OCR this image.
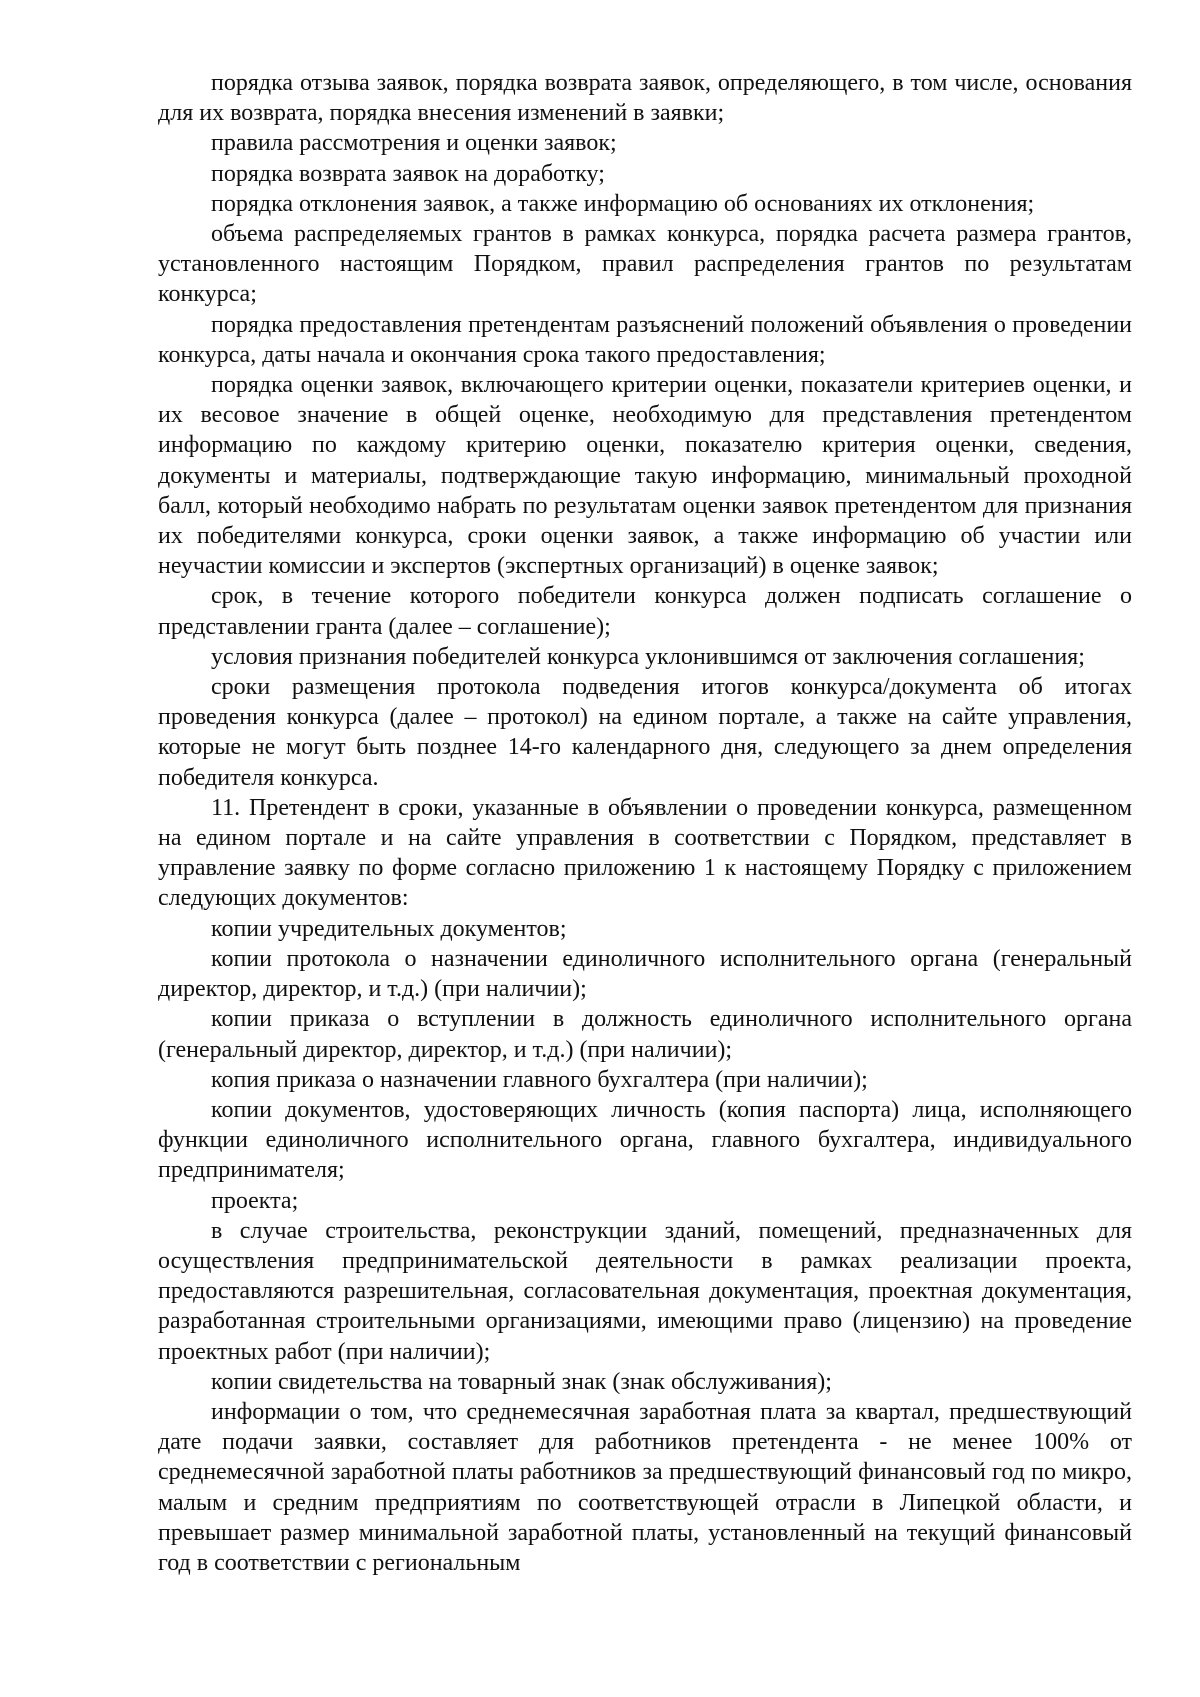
порядка отзыва заявок, порядка возврата заявок, определяющего, в том числе, основания для их возврата, порядка внесения изменений в заявки;

правила рассмотрения и оценки заявок;

порядка возврата заявок на доработку;

порядка отклонения заявок, а также информацию об основаниях их отклонения;

объема распределяемых грантов в рамках конкурса, порядка расчета размера грантов, установленного настоящим Порядком, правил распределения грантов по результатам конкурса;

порядка предоставления претендентам разъяснений положений объявления о проведении конкурса, даты начала и окончания срока такого предоставления;

порядка оценки заявок, включающего критерии оценки, показатели критериев оценки, и их весовое значение в общей оценке, необходимую для представления претендентом информацию по каждому критерию оценки, показателю критерия оценки, сведения, документы и материалы, подтверждающие такую информацию, минимальный проходной балл, который необходимо набрать по результатам оценки заявок претендентом для признания их победителями конкурса, сроки оценки заявок, а также информацию об участии или неучастии комиссии и экспертов (экспертных организаций) в оценке заявок;

срок, в течение которого победители конкурса должен подписать соглашение о представлении гранта (далее – соглашение);

условия признания победителей конкурса уклонившимся от заключения соглашения;

сроки размещения протокола подведения итогов конкурса/документа об итогах проведения конкурса (далее – протокол) на едином портале, а также на сайте управления, которые не могут быть позднее 14-го календарного дня, следующего за днем определения победителя конкурса.

11. Претендент в сроки, указанные в объявлении о проведении конкурса, размещенном на едином портале и на сайте управления в соответствии с Порядком, представляет в управление заявку по форме согласно приложению 1 к настоящему Порядку с приложением следующих документов:

копии учредительных документов;

копии протокола о назначении единоличного исполнительного органа (генеральный директор, директор, и т.д.) (при наличии);

копии приказа о вступлении в должность единоличного исполнительного органа (генеральный директор, директор, и т.д.) (при наличии);

копия приказа о назначении главного бухгалтера (при наличии);

копии документов, удостоверяющих личность (копия паспорта) лица, исполняющего функции единоличного исполнительного органа, главного бухгалтера, индивидуального предпринимателя;

проекта;

в случае строительства, реконструкции зданий, помещений, предназначенных для осуществления предпринимательской деятельности в рамках реализации проекта, предоставляются разрешительная, согласовательная документация, проектная документация, разработанная строительными организациями, имеющими право (лицензию) на проведение проектных работ (при наличии);

копии свидетельства на товарный знак (знак обслуживания);

информации о том, что среднемесячная заработная плата за квартал, предшествующий дате подачи заявки, составляет для работников претендента - не менее 100% от среднемесячной заработной платы работников за предшествующий финансовый год по микро, малым и средним предприятиям по соответствующей отрасли в Липецкой области, и превышает размер минимальной заработной платы, установленный на текущий финансовый год в соответствии с региональным
